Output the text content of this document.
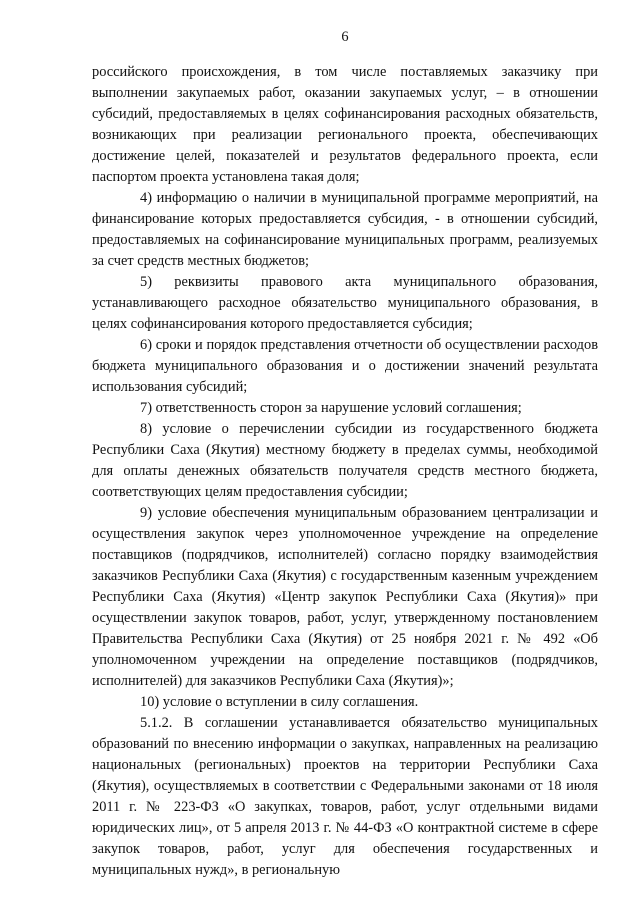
6

российского происхождения, в том числе поставляемых заказчику при выполнении закупаемых работ, оказании закупаемых услуг, – в отношении субсидий, предоставляемых в целях софинансирования расходных обязательств, возникающих при реализации регионального проекта, обеспечивающих достижение целей, показателей и результатов федерального проекта, если паспортом проекта установлена такая доля;

4) информацию о наличии в муниципальной программе мероприятий, на финансирование которых предоставляется субсидия, - в отношении субсидий, предоставляемых на софинансирование муниципальных программ, реализуемых за счет средств местных бюджетов;

5) реквизиты правового акта муниципального образования, устанавливающего расходное обязательство муниципального образования, в целях софинансирования которого предоставляется субсидия;

6) сроки и порядок представления отчетности об осуществлении расходов бюджета муниципального образования и о достижении значений результата использования субсидий;

7) ответственность сторон за нарушение условий соглашения;

8) условие о перечислении субсидии из государственного бюджета Республики Саха (Якутия) местному бюджету в пределах суммы, необходимой для оплаты денежных обязательств получателя средств местного бюджета, соответствующих целям предоставления субсидии;

9) условие обеспечения муниципальным образованием централизации и осуществления закупок через уполномоченное учреждение на определение поставщиков (подрядчиков, исполнителей) согласно порядку взаимодействия заказчиков Республики Саха (Якутия) с государственным казенным учреждением Республики Саха (Якутия) «Центр закупок Республики Саха (Якутия)» при осуществлении закупок товаров, работ, услуг, утвержденному постановлением Правительства Республики Саха (Якутия) от 25 ноября 2021 г. № 492 «Об уполномоченном учреждении на определение поставщиков (подрядчиков, исполнителей) для заказчиков Республики Саха (Якутия)»;

10) условие о вступлении в силу соглашения.

5.1.2. В соглашении устанавливается обязательство муниципальных образований по внесению информации о закупках, направленных на реализацию национальных (региональных) проектов на территории Республики Саха (Якутия), осуществляемых в соответствии с Федеральными законами от 18 июля 2011 г. № 223-ФЗ «О закупках, товаров, работ, услуг отдельными видами юридических лиц», от 5 апреля 2013 г. № 44-ФЗ «О контрактной системе в сфере закупок товаров, работ, услуг для обеспечения государственных и муниципальных нужд», в региональную
